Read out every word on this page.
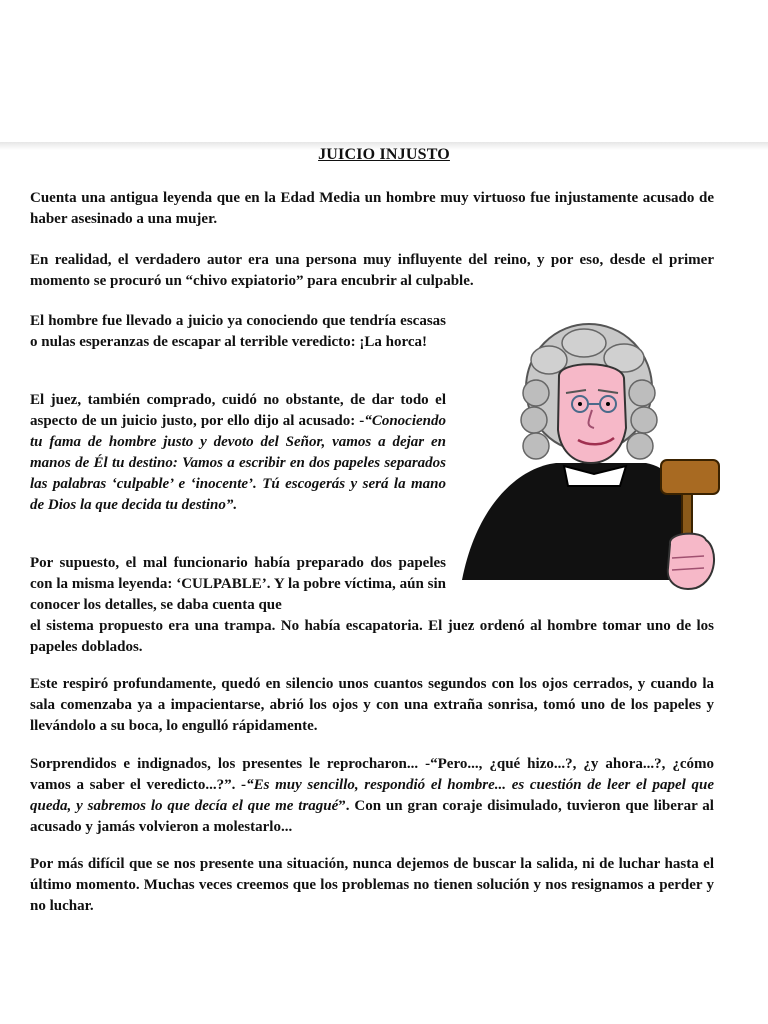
JUICIO INJUSTO

Cuenta una antigua leyenda que en la Edad Media un hombre muy virtuoso fue injustamente acusado de haber asesinado a una mujer.

En realidad, el verdadero autor era una persona muy influyente del reino, y por eso, desde el primer momento se procuró un “chivo expiatorio” para encubrir al culpable.

El hombre fue llevado a juicio ya conociendo que tendría escasas o nulas esperanzas de escapar al terrible veredicto: ¡La horca!

El juez, también comprado, cuidó no obstante, de dar todo el aspecto de un juicio justo, por ello dijo al acusado: -“Conociendo tu fama de hombre justo y devoto del Señor, vamos a dejar en manos de Él tu destino: Vamos a escribir en dos papeles separados las palabras ‘culpable’ e ‘inocente’. Tú escogerás y será la mano de Dios la que decida tu destino”.

Por supuesto, el mal funcionario había preparado dos papeles con la misma leyenda: ‘CULPABLE’. Y la pobre víctima, aún sin conocer los detalles, se daba cuenta que

el sistema propuesto era una trampa. No había escapatoria. El juez ordenó al hombre tomar uno de los papeles doblados.

Este respiró profundamente, quedó en silencio unos cuantos segundos con los ojos cerrados, y cuando la sala comenzaba ya a impacientarse, abrió los ojos y con una extraña sonrisa, tomó uno de los papeles y llevándolo a su boca, lo engulló rápidamente.

Sorprendidos e indignados, los presentes le reprocharon... -“Pero..., ¿qué hizo...?, ¿y ahora...?, ¿cómo vamos a saber el veredicto...?”. -“Es muy sencillo, respondió el hombre... es cuestión de leer el papel que queda, y sabremos lo que decía el que me tragué”. Con un gran coraje disimulado, tuvieron que liberar al acusado y jamás volvieron a molestarlo...

Por más difícil que se nos presente una situación, nunca dejemos de buscar la salida, ni de luchar hasta el último momento. Muchas veces creemos que los problemas no tienen solución y nos resignamos a perder y no luchar.
